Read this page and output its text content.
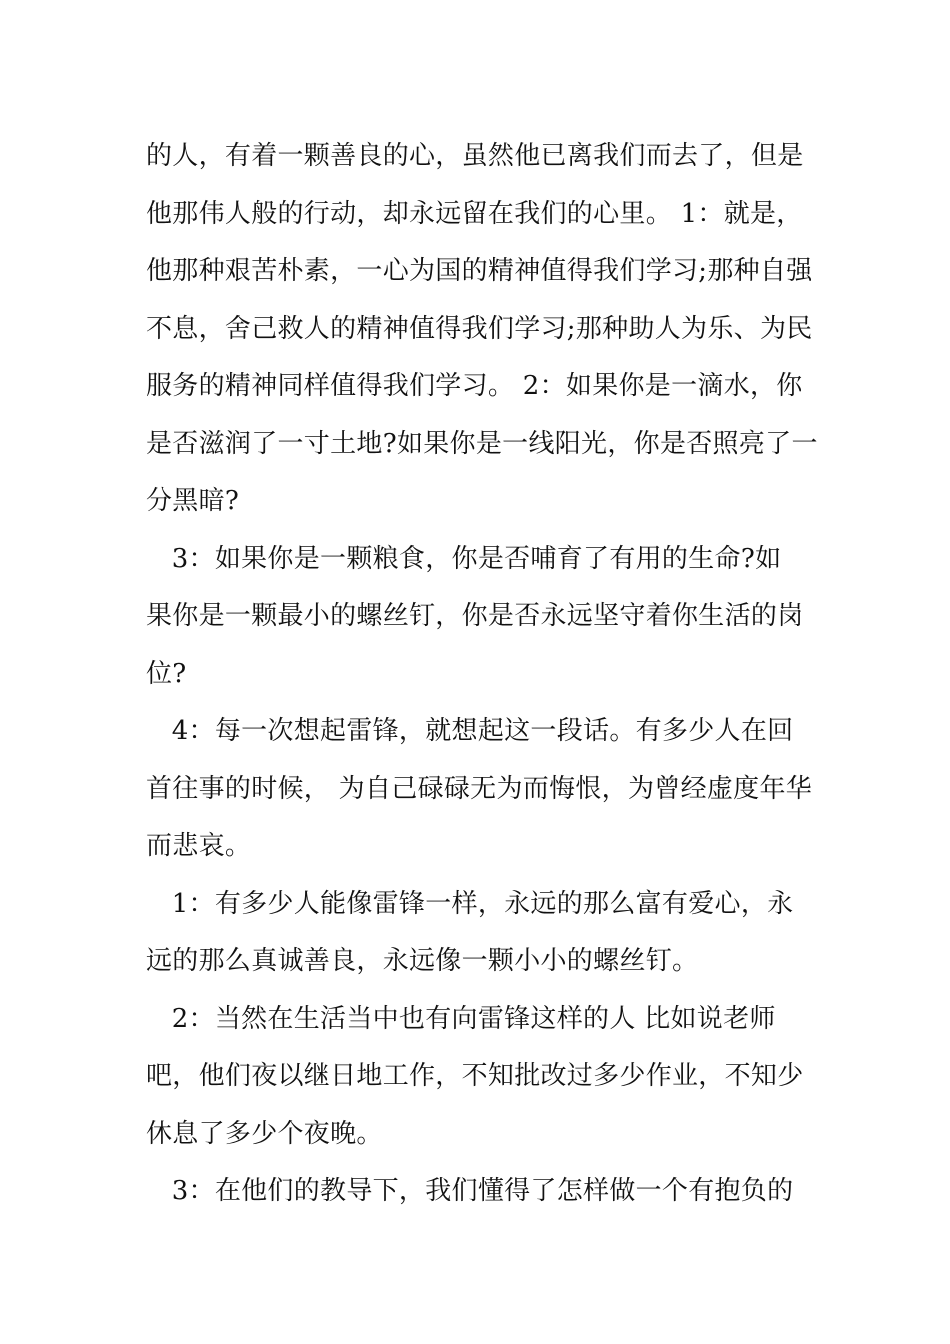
的人，有着一颗善良的心，虽然他已离我们而去了，但是
他那伟人般的行动，却永远留在我们的心里。 1：就是，
他那种艰苦朴素，一心为国的精神值得我们学习;那种自强
不息，舍己救人的精神值得我们学习;那种助人为乐、为民
服务的精神同样值得我们学习。 2：如果你是一滴水，你
是否滋润了一寸土地?如果你是一线阳光，你是否照亮了一
分黑暗?
3：如果你是一颗粮食，你是否哺育了有用的生命?如
果你是一颗最小的螺丝钉，你是否永远坚守着你生活的岗
位?
4：每一次想起雷锋，就想起这一段话。有多少人在回
首往事的时候， 为自己碌碌无为而悔恨，为曾经虚度年华
而悲哀。
1：有多少人能像雷锋一样，永远的那么富有爱心，永
远的那么真诚善良，永远像一颗小小的螺丝钉。
2：当然在生活当中也有向雷锋这样的人 比如说老师
吧，他们夜以继日地工作，不知批改过多少作业，不知少
休息了多少个夜晚。
3：在他们的教导下，我们懂得了怎样做一个有抱负的
